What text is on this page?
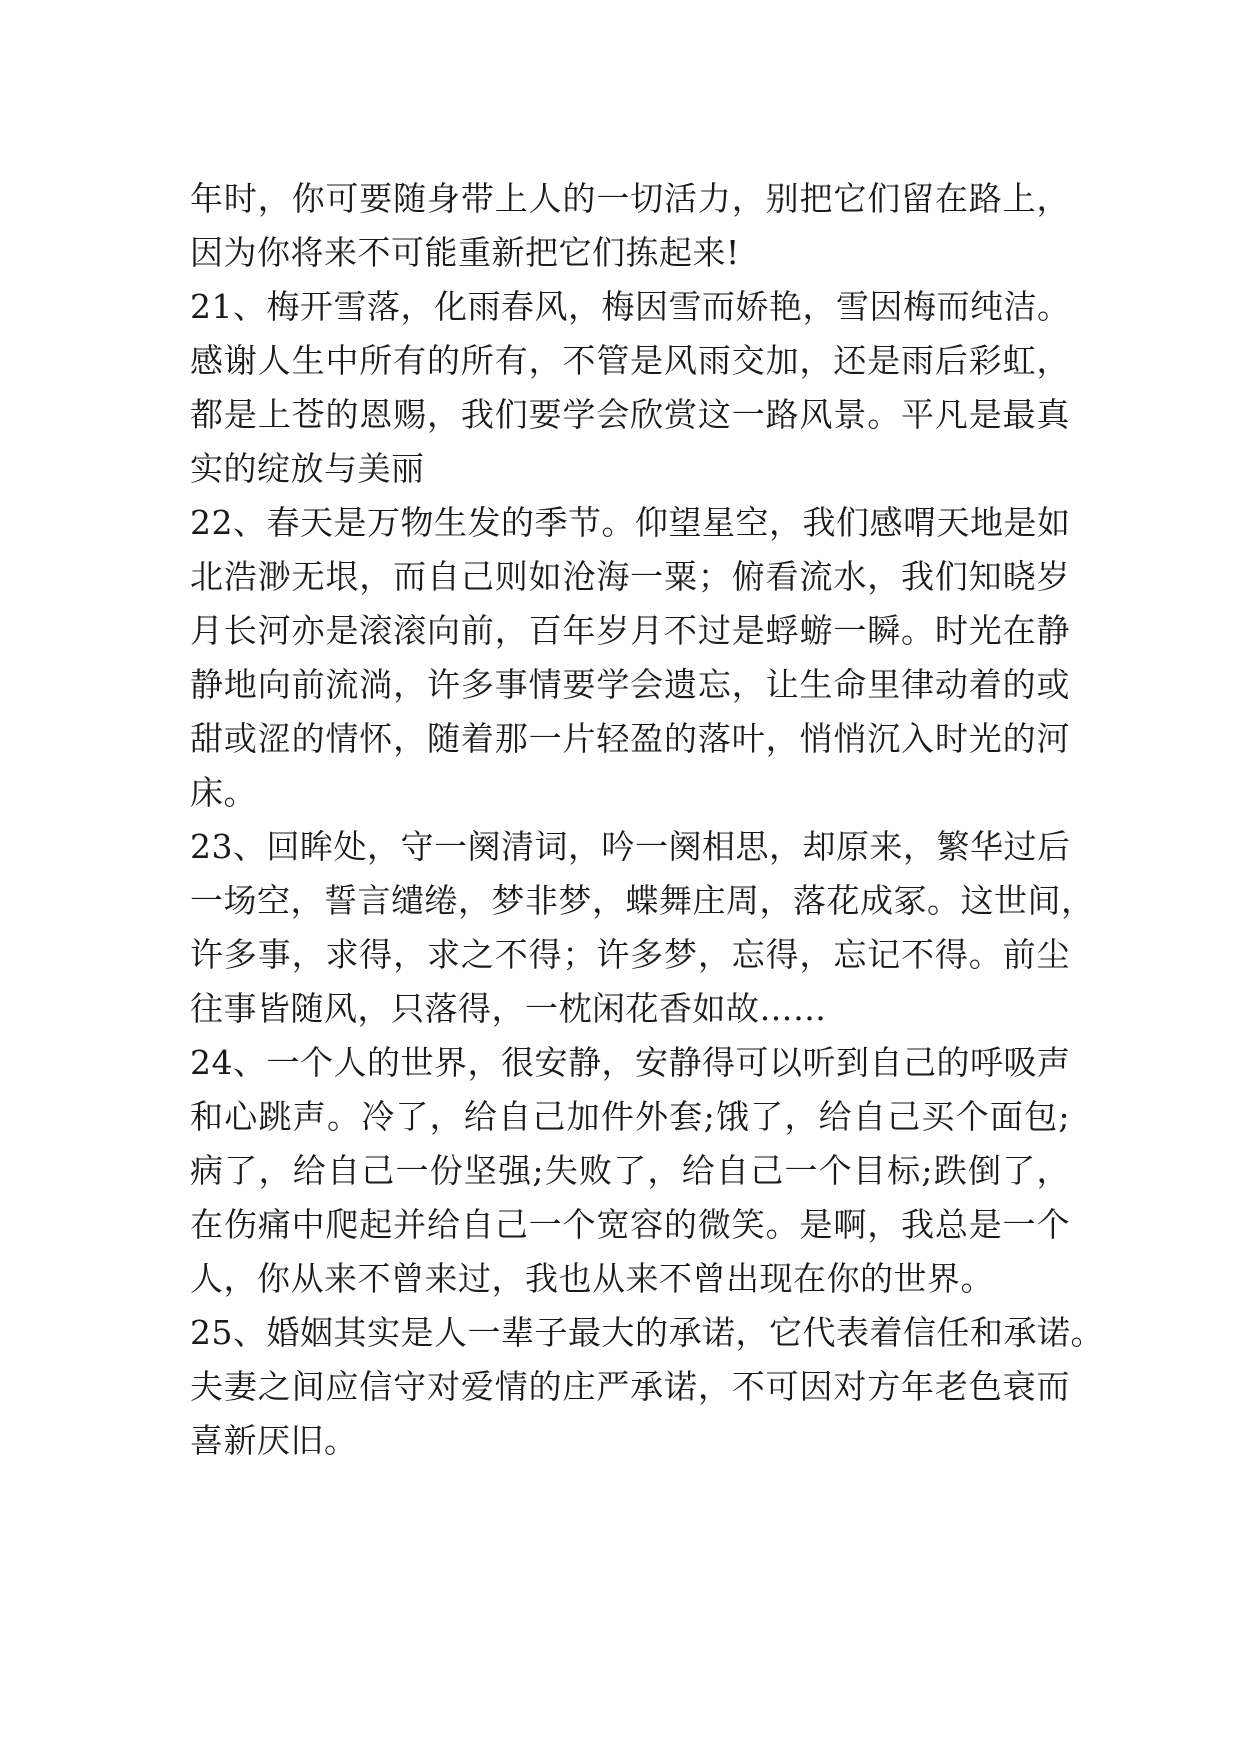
年时，你可要随身带上人的一切活力，别把它们留在路上，
因为你将来不可能重新把它们拣起来!
21、梅开雪落，化雨春风，梅因雪而娇艳，雪因梅而纯洁。
感谢人生中所有的所有，不管是风雨交加，还是雨后彩虹，
都是上苍的恩赐，我们要学会欣赏这一路风景。平凡是最真
实的绽放与美丽
22、春天是万物生发的季节。仰望星空，我们感喟天地是如
北浩渺无垠，而自己则如沧海一粟；俯看流水，我们知晓岁
月长河亦是滚滚向前，百年岁月不过是蜉蝣一瞬。时光在静
静地向前流淌，许多事情要学会遗忘，让生命里律动着的或
甜或涩的情怀，随着那一片轻盈的落叶，悄悄沉入时光的河
床。
23、回眸处，守一阕清词，吟一阕相思，却原来，繁华过后
一场空，誓言缱绻，梦非梦，蝶舞庄周，落花成冢。这世间，
许多事，求得，求之不得；许多梦，忘得，忘记不得。前尘
往事皆随风，只落得，一枕闲花香如故……
24、一个人的世界，很安静，安静得可以听到自己的呼吸声
和心跳声。冷了，给自己加件外套;饿了，给自己买个面包;
病了，给自己一份坚强;失败了，给自己一个目标;跌倒了，
在伤痛中爬起并给自己一个宽容的微笑。是啊，我总是一个
人，你从来不曾来过，我也从来不曾出现在你的世界。
25、婚姻其实是人一辈子最大的承诺，它代表着信任和承诺。
夫妻之间应信守对爱情的庄严承诺，不可因对方年老色衰而
喜新厌旧。
